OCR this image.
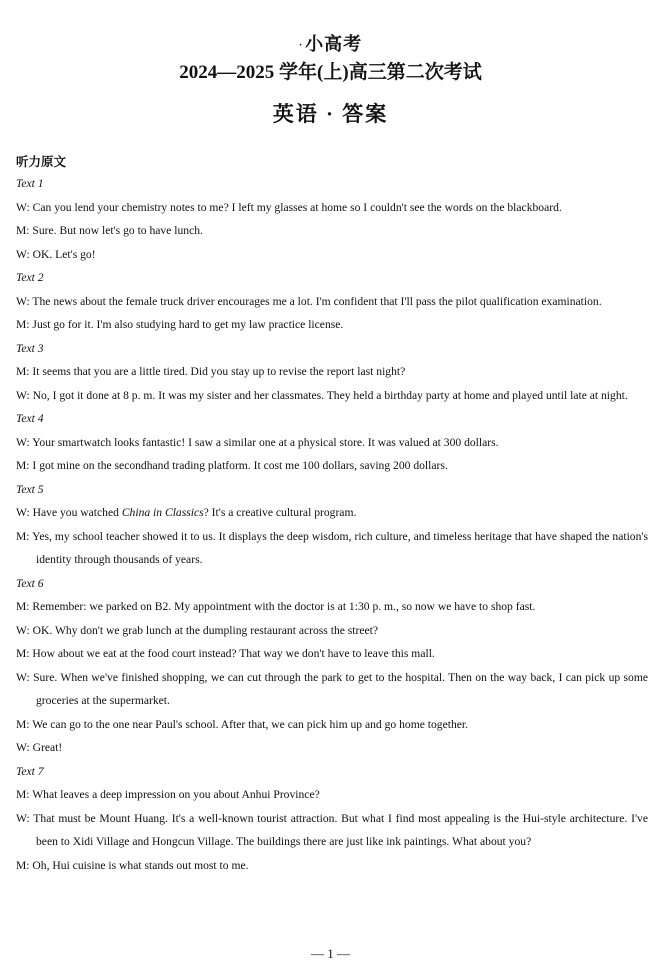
· 小高考
2024—2025 学年(上)高三第二次考试
英语 · 答案
听力原文
Text 1
W: Can you lend your chemistry notes to me? I left my glasses at home so I couldn't see the words on the blackboard.
M: Sure. But now let's go to have lunch.
W: OK. Let's go!
Text 2
W: The news about the female truck driver encourages me a lot. I'm confident that I'll pass the pilot qualification examination.
M: Just go for it. I'm also studying hard to get my law practice license.
Text 3
M: It seems that you are a little tired. Did you stay up to revise the report last night?
W: No, I got it done at 8 p. m. It was my sister and her classmates. They held a birthday party at home and played until late at night.
Text 4
W: Your smartwatch looks fantastic! I saw a similar one at a physical store. It was valued at 300 dollars.
M: I got mine on the secondhand trading platform. It cost me 100 dollars, saving 200 dollars.
Text 5
W: Have you watched China in Classics? It's a creative cultural program.
M: Yes, my school teacher showed it to us. It displays the deep wisdom, rich culture, and timeless heritage that have shaped the nation's identity through thousands of years.
Text 6
M: Remember: we parked on B2. My appointment with the doctor is at 1:30 p. m., so now we have to shop fast.
W: OK. Why don't we grab lunch at the dumpling restaurant across the street?
M: How about we eat at the food court instead? That way we don't have to leave this mall.
W: Sure. When we've finished shopping, we can cut through the park to get to the hospital. Then on the way back, I can pick up some groceries at the supermarket.
M: We can go to the one near Paul's school. After that, we can pick him up and go home together.
W: Great!
Text 7
M: What leaves a deep impression on you about Anhui Province?
W: That must be Mount Huang. It's a well-known tourist attraction. But what I find most appealing is the Hui-style architecture. I've been to Xidi Village and Hongcun Village. The buildings there are just like ink paintings. What about you?
M: Oh, Hui cuisine is what stands out most to me.
— 1 —
